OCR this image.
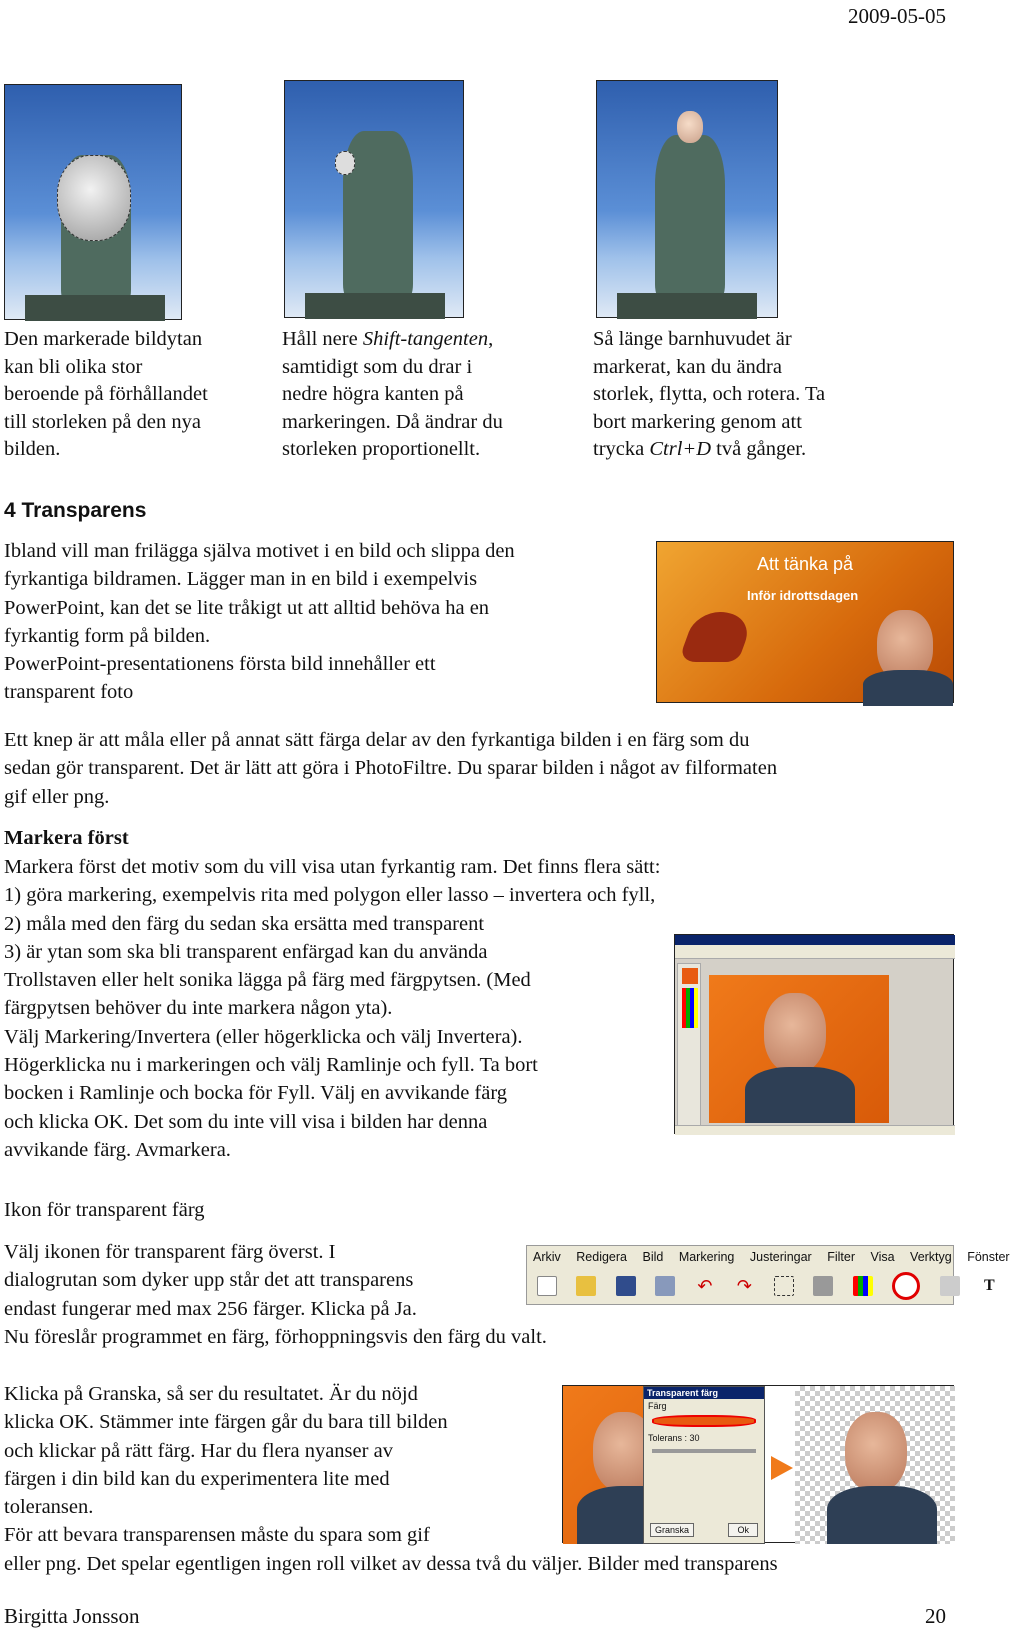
2009-05-05
Den markerade bildytan
kan bli olika stor
beroende på förhållandet
till storleken på den nya
bilden.
Håll nere Shift-tangenten,
samtidigt som du drar i
nedre högra kanten på
markeringen. Då ändrar du
storleken proportionellt.
Så länge barnhuvudet är
markerat, kan du ändra
storlek, flytta, och rotera. Ta
bort markering genom att
trycka Ctrl+D två gånger.
4 Transparens
Ibland vill man frilägga själva motivet i en bild och slippa den
fyrkantiga bildramen. Lägger man in en bild i exempelvis
PowerPoint, kan det se lite tråkigt ut att alltid behöva ha en
fyrkantig form på bilden.
PowerPoint-presentationens första bild innehåller ett
transparent foto
Att tänka på
Inför idrottsdagen
Ett knep är att måla eller på annat sätt färga delar av den fyrkantiga bilden i en färg som du
sedan gör transparent. Det är lätt att göra i PhotoFiltre. Du sparar bilden i något av filformaten
gif eller png.
Markera först
Markera först det motiv som du vill visa utan fyrkantig ram. Det finns flera sätt:
1) göra markering, exempelvis rita med polygon eller lasso – invertera och fyll,
2) måla med den färg du sedan ska ersätta med transparent
3) är ytan som ska bli transparent enfärgad kan du använda
Trollstaven eller helt sonika lägga på färg med färgpytsen. (Med
färgpytsen behöver du inte markera någon yta).
Välj Markering/Invertera (eller högerklicka och välj Invertera).
Högerklicka nu i markeringen och välj Ramlinje och fyll. Ta bort
bocken i Ramlinje och bocka för Fyll. Välj en avvikande färg
och klicka OK. Det som du inte vill visa i bilden har denna
avvikande färg. Avmarkera.
Ikon för transparent färg
Välj ikonen för transparent färg överst. I
dialogrutan som dyker upp står det att transparens
endast fungerar med max 256 färger. Klicka på Ja.
Nu föreslår programmet en färg, förhoppningsvis den färg du valt.
Arkiv Redigera Bild Markering Justeringar Filter Visa Verktyg Fönster
↶ ↷	T
Klicka på Granska, så ser du resultatet. Är du nöjd
klicka OK. Stämmer inte färgen går du bara till bilden
och klickar på rätt färg. Har du flera nyanser av
färgen i din bild kan du experimentera lite med
toleransen.
För att bevara transparensen måste du spara som gif
eller png. Det spelar egentligen ingen roll vilket av dessa två du väljer. Bilder med transparens
Transparent färg
Färg
Tolerans : 30
Granska	Ok
Birgitta Jonsson	20
